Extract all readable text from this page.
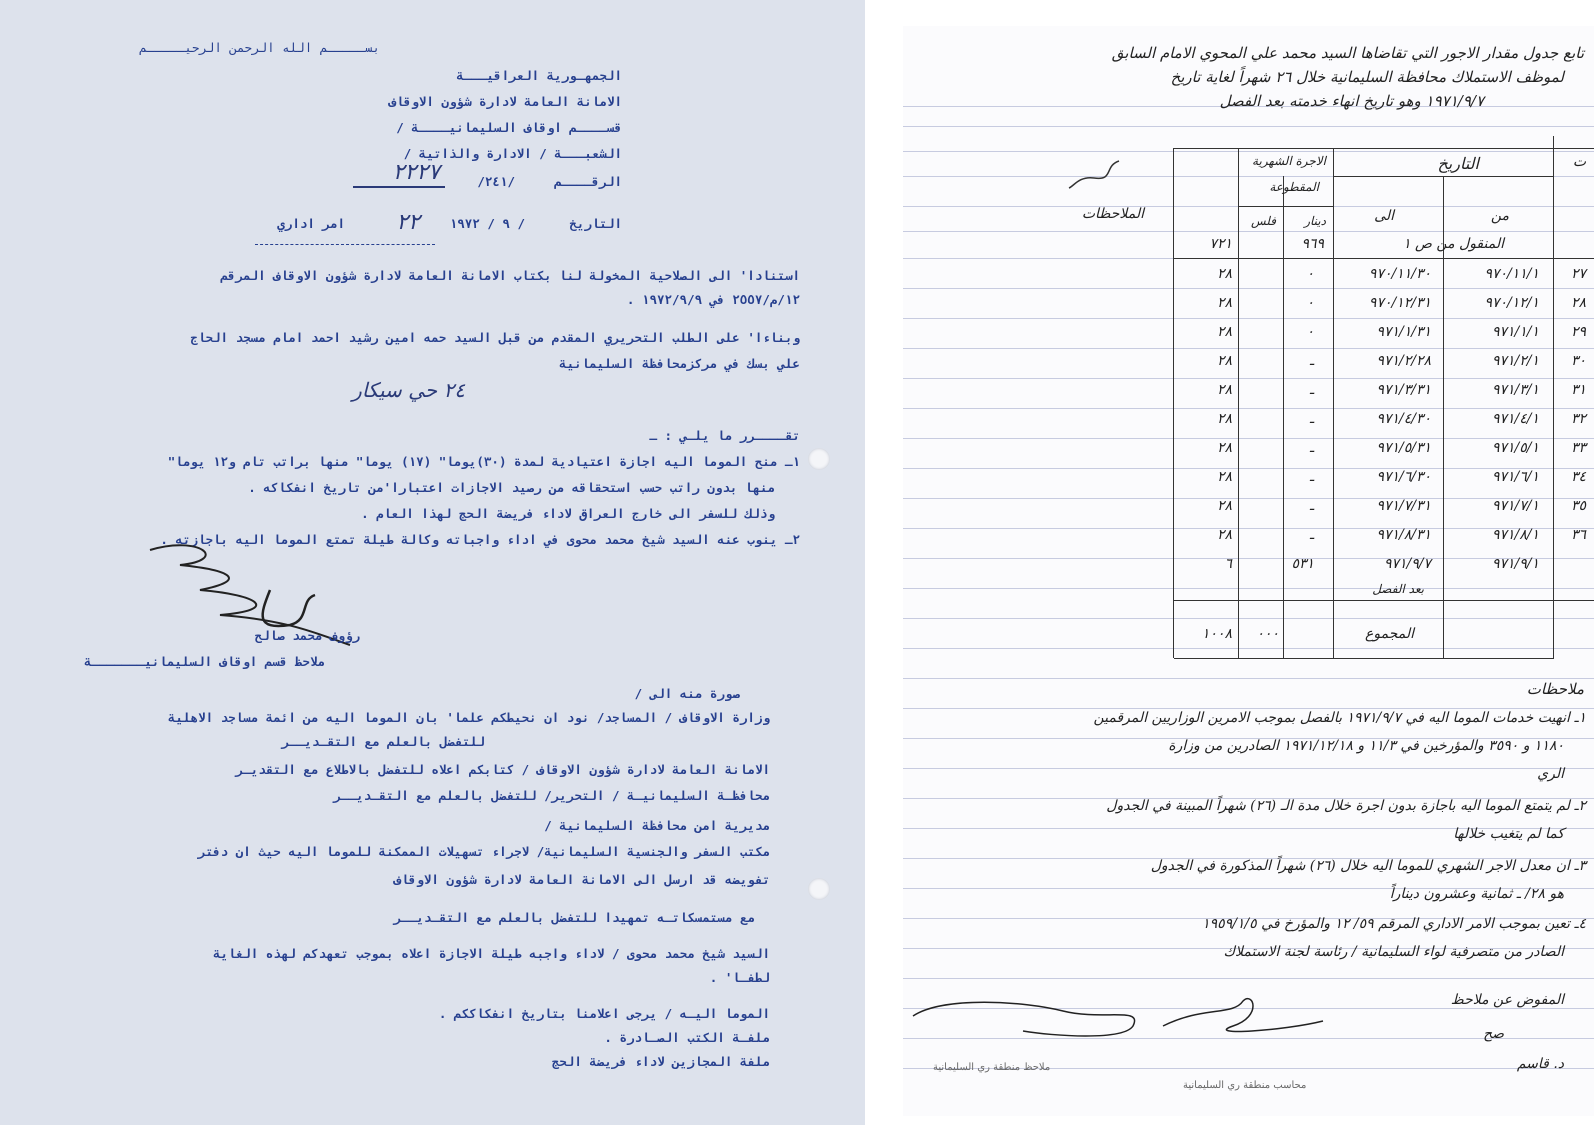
بســـــم الله الرحمن الرحيـــــم
الجمهـورية العراقيـــة
الامانة العامة لادارة شؤون الاوقاف
قســــم اوقاف السليمانيــــة /
الشعبـــة / الادارة والذاتية /
الرقــــم
/٢٤١/
٢٢٢٧
التاريخ
/ ٩ / ١٩٧٢
٢٢
امر اداري
استنادا' الى الصلاحية المخولة لنا بكتاب الامانة العامة لادارة شؤون الاوقاف المرقم
١٢/م/٢٥٥٧ في ١٩٧٢/٩/٩ .
وبناءا' على الطلب التحريري المقدم من قبل السيد حمه امين رشيد احمد امام مسجد الحاج
علي بسك في مركزمحافظة السليمانية
٢٤ حي سيكار
تقــــرر ما يلـي : ـ
١ـ منح الموما اليه اجازة اعتيادية لمدة (٣٠)يوما" (١٧) يوما" منها براتب تام و١٢ يوما"
منها بدون راتب حسب استحقاقه من رصيد الاجازات اعتبارا'من تاريخ انفكاكه .
وذلك للسفر الى خارج العراق لاداء فريضة الحج لهذا العام .
٢ـ ينوب عنه السيد شيخ محمد محوى في اداء واجباته وكالة طيلة تمتع الموما اليه باجازته .
رؤوف محمد صالح
ملاحظ قسم اوقاف السليمانيـــــــة
صورة منه الى /
وزارة الاوقاف / المساجد/ نود ان نحيطكم علما' بان الموما اليه من ائمة مساجد الاهلية
للتفضل بالعلم مع التقـديــر
الامانة العامة لادارة شؤون الاوقاف / كتابكم اعلاه للتفضل بالاطلاع مع التقديـر
محافظـة السليمانيـة / التحرير/ للتفضل بالعلم مع التقـديــر
مديرية امن محافظة السليمانية /
مكتب السفر والجنسية السليمانية/ لاجراء تسهيلات الممكنة للموما اليه حيث ان دفتر
تفويضه قد ارسل الى الامانة العامة لادارة شؤون الاوقاف
مع مستمسكاتـه تمهيدا للتفضل بالعلم مع التقـديــر
السيد شيخ محمد محوى / لاداء واجبه طيلة الاجازة اعلاه بموجب تعهدكم لهذه الغاية
لطفـا' .
الموما اليـه / يرجى اعلامنا بتاريخ انفكاككم .
ملفـة الكتب الصـادرة .
ملفة المجازين لاداء فريضة الحج
تابع جدول مقدار الاجور التي تقاضاها السيد محمد علي المحوي الامام السابق
لموظف الاستملاك محافظة السليمانية خلال ٢٦ شهراً لغاية تاريخ
١٩٧١/٩/٧ وهو تاريخ انهاء خدمته بعد الفصل
ت
التاريخ
من
الى
الاجرة الشهرية
المقطوعة
فلس دينار
الملاحظات
المنقول من ص ١
٩٦٩
٧٢١
٢٧
٩٧٠/١١/١
٩٧٠/١١/٣٠
٠
٢٨
٢٨
٩٧٠/١٢/١
٩٧٠/١٢/٣١
٠
٢٨
٢٩
٩٧١/١/١
٩٧١/١/٣١
٠
٢٨
٣٠
٩٧١/٢/١
٩٧١/٢/٢٨
ـ
٢٨
٣١
٩٧١/٣/١
٩٧١/٣/٣١
ـ
٢٨
٣٢
٩٧١/٤/١
٩٧١/٤/٣٠
ـ
٢٨
٣٣
٩٧١/٥/١
٩٧١/٥/٣١
ـ
٢٨
٣٤
٩٧١/٦/١
٩٧١/٦/٣٠
ـ
٢٨
٣٥
٩٧١/٧/١
٩٧١/٧/٣١
ـ
٢٨
٣٦
٩٧١/٨/١
٩٧١/٨/٣١
ـ
٢٨
٩٧١/٩/١
٩٧١/٩/٧
٥٣١
٦
بعد الفصل
المجموع
٠٠٠
١٠٠٨
ملاحظات
١ـ انهيت خدمات الموما اليه في ١٩٧١/٩/٧ بالفصل بموجب الامرين الوزاريين المرقمين
١١٨٠ و ٣٥٩٠ والمؤرخين في ١١/٣ و ١٩٧١/١٢/١٨ الصادرين من وزارة
الري
٢ـ لم يتمتع الموما اليه باجازة بدون اجرة خلال مدة الـ (٢٦) شهراً المبينة في الجدول
كما لم يتغيب خلالها
٣ـ ان معدل الاجر الشهري للموما اليه خلال (٢٦) شهراً المذكورة في الجدول
هو ٢٨/ ـ ثمانية وعشرون ديناراً
٤ـ تعين بموجب الامر الاداري المرقم ٥٩/ ١٢ والمؤرخ في ١٩٥٩/١/٥
الصادر من متصرفية لواء السليمانية / رئاسة لجنة الاستملاك
المفوض عن ملاحظ
صح
د. قاسم
ملاحظ منطقة ري السليمانية
محاسب منطقة ري السليمانية
